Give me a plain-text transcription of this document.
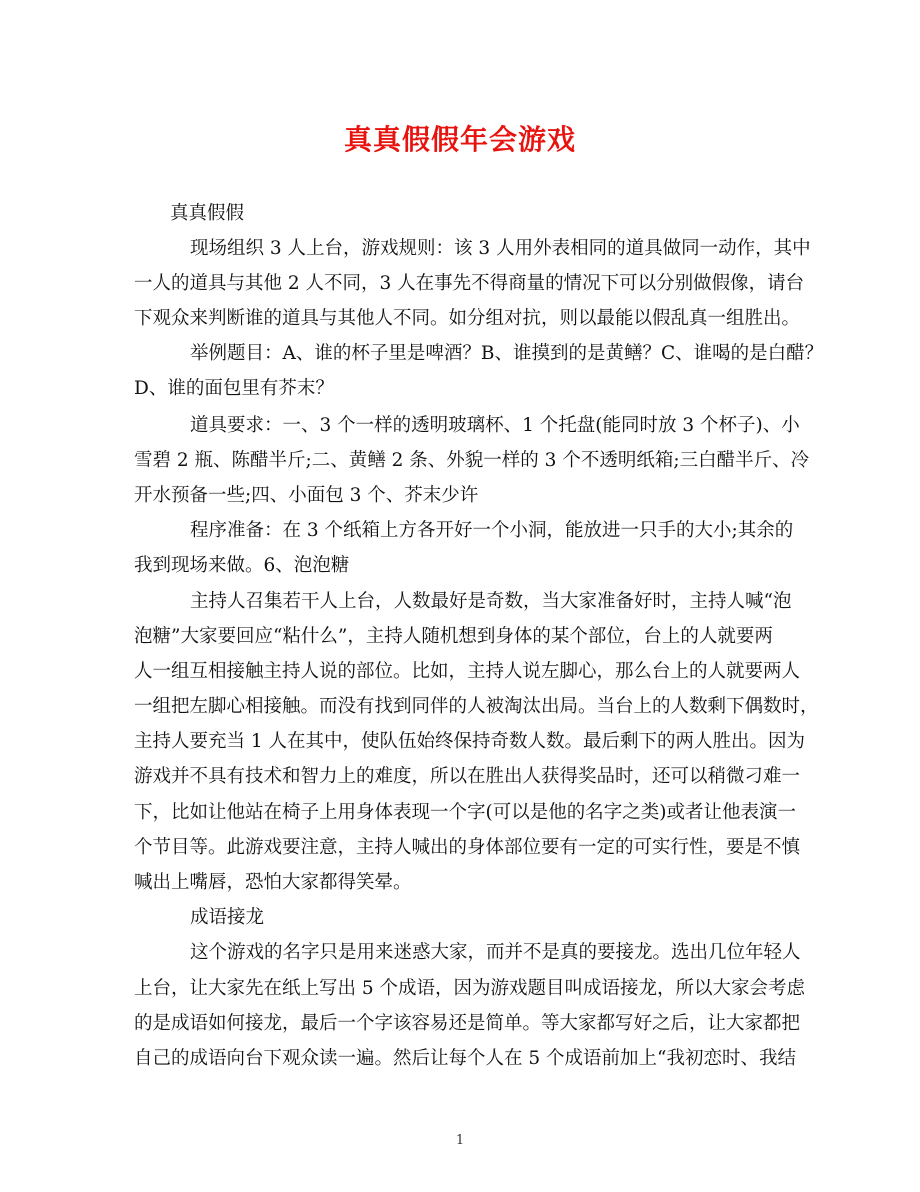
真真假假年会游戏
真真假假
现场组织 3 人上台，游戏规则：该 3 人用外表相同的道具做同一动作，其中
一人的道具与其他 2 人不同，3 人在事先不得商量的情况下可以分别做假像，请台
下观众来判断谁的道具与其他人不同。如分组对抗，则以最能以假乱真一组胜出。
举例题目：A、谁的杯子里是啤酒？B、谁摸到的是黄鳝？C、谁喝的是白醋？
D、谁的面包里有芥末？
道具要求：一、3 个一样的透明玻璃杯、1 个托盘(能同时放 3 个杯子)、小
雪碧 2 瓶、陈醋半斤;二、黄鳝 2 条、外貌一样的 3 个不透明纸箱;三白醋半斤、冷
开水预备一些;四、小面包 3 个、芥末少许
程序准备：在 3 个纸箱上方各开好一个小洞，能放进一只手的大小;其余的
我到现场来做。6、泡泡糖
主持人召集若干人上台，人数最好是奇数，当大家准备好时，主持人喊“泡
泡糖”大家要回应“粘什么”，主持人随机想到身体的某个部位，台上的人就要两
人一组互相接触主持人说的部位。比如，主持人说左脚心，那么台上的人就要两人
一组把左脚心相接触。而没有找到同伴的人被淘汰出局。当台上的人数剩下偶数时，
主持人要充当 1 人在其中，使队伍始终保持奇数人数。最后剩下的两人胜出。因为
游戏并不具有技术和智力上的难度，所以在胜出人获得奖品时，还可以稍微刁难一
下，比如让他站在椅子上用身体表现一个字(可以是他的名字之类)或者让他表演一
个节目等。此游戏要注意，主持人喊出的身体部位要有一定的可实行性，要是不慎
喊出上嘴唇，恐怕大家都得笑晕。
成语接龙
这个游戏的名字只是用来迷惑大家，而并不是真的要接龙。选出几位年轻人
上台，让大家先在纸上写出 5 个成语，因为游戏题目叫成语接龙，所以大家会考虑
的是成语如何接龙，最后一个字该容易还是简单。等大家都写好之后，让大家都把
自己的成语向台下观众读一遍。然后让每个人在 5 个成语前加上“我初恋时、我结
1
